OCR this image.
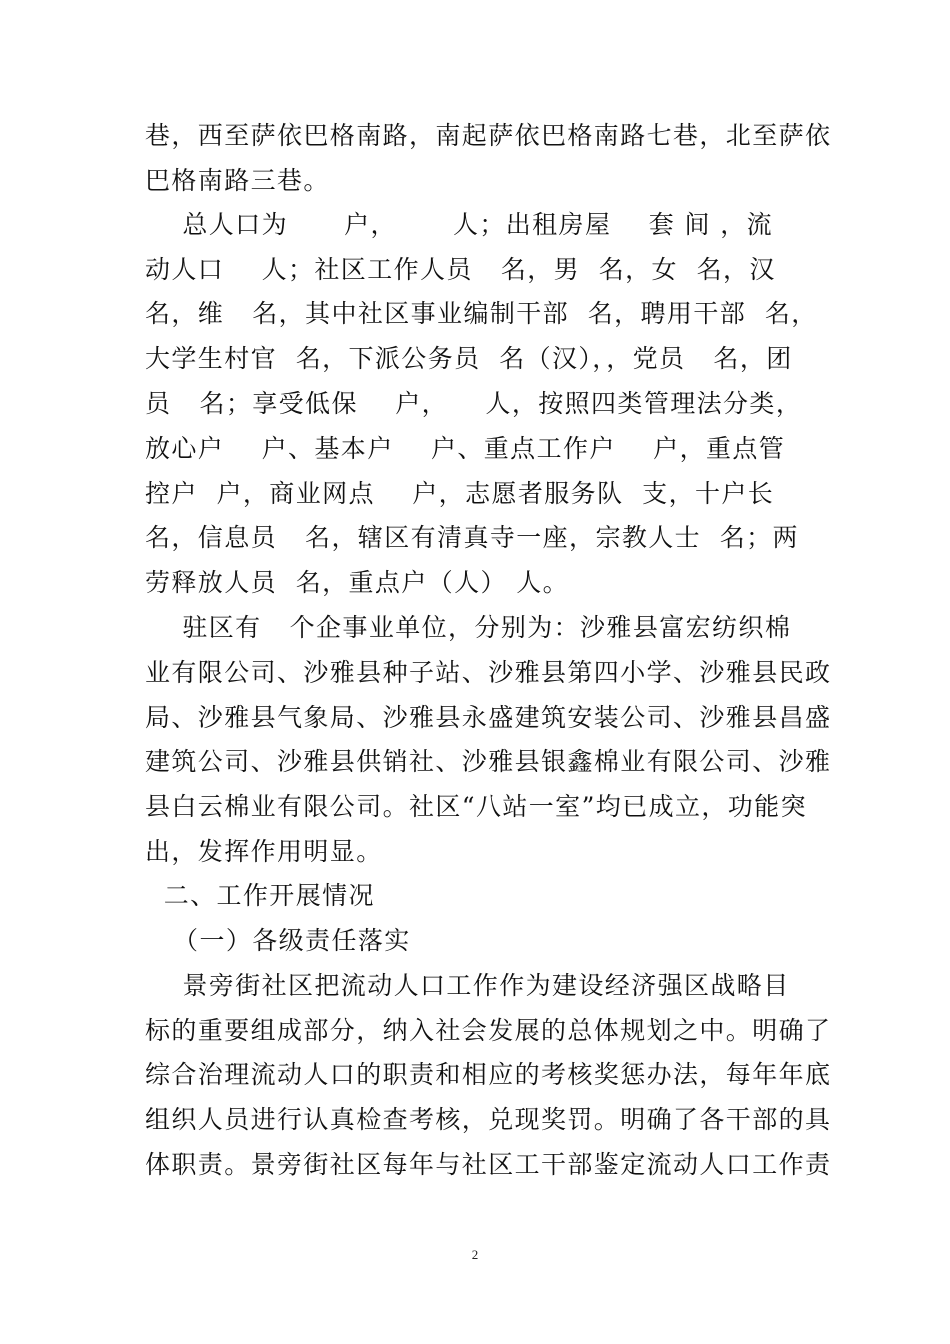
巷，西至萨依巴格南路，南起萨依巴格南路七巷，北至萨依

巴格南路三巷。

总人口为      户，      人；出租房屋    套 间 ，流

动人口    人；社区工作人员   名，男  名，女  名，汉

名，维   名，其中社区事业编制干部  名，聘用干部  名，

大学生村官  名，下派公务员  名（汉），，党员   名，团

员   名；享受低保    户，    人，按照四类管理法分类，

放心户    户、基本户    户、重点工作户    户，重点管

控户  户，商业网点    户，志愿者服务队  支，十户长

名，信息员   名，辖区有清真寺一座，宗教人士  名；两

劳释放人员  名，重点户（人） 人。

驻区有   个企事业单位，分别为：沙雅县富宏纺织棉

业有限公司、沙雅县种子站、沙雅县第四小学、沙雅县民政

局、沙雅县气象局、沙雅县永盛建筑安装公司、沙雅县昌盛

建筑公司、沙雅县供销社、沙雅县银鑫棉业有限公司、沙雅

县白云棉业有限公司。社区“八站一室”均已成立，功能突

出，发挥作用明显。

二、工作开展情况

（一）各级责任落实

景旁街社区把流动人口工作作为建设经济强区战略目

标的重要组成部分，纳入社会发展的总体规划之中。明确了

综合治理流动人口的职责和相应的考核奖惩办法，每年年底

组织人员进行认真检查考核，兑现奖罚。明确了各干部的具

体职责。景旁街社区每年与社区工干部鉴定流动人口工作责

2
